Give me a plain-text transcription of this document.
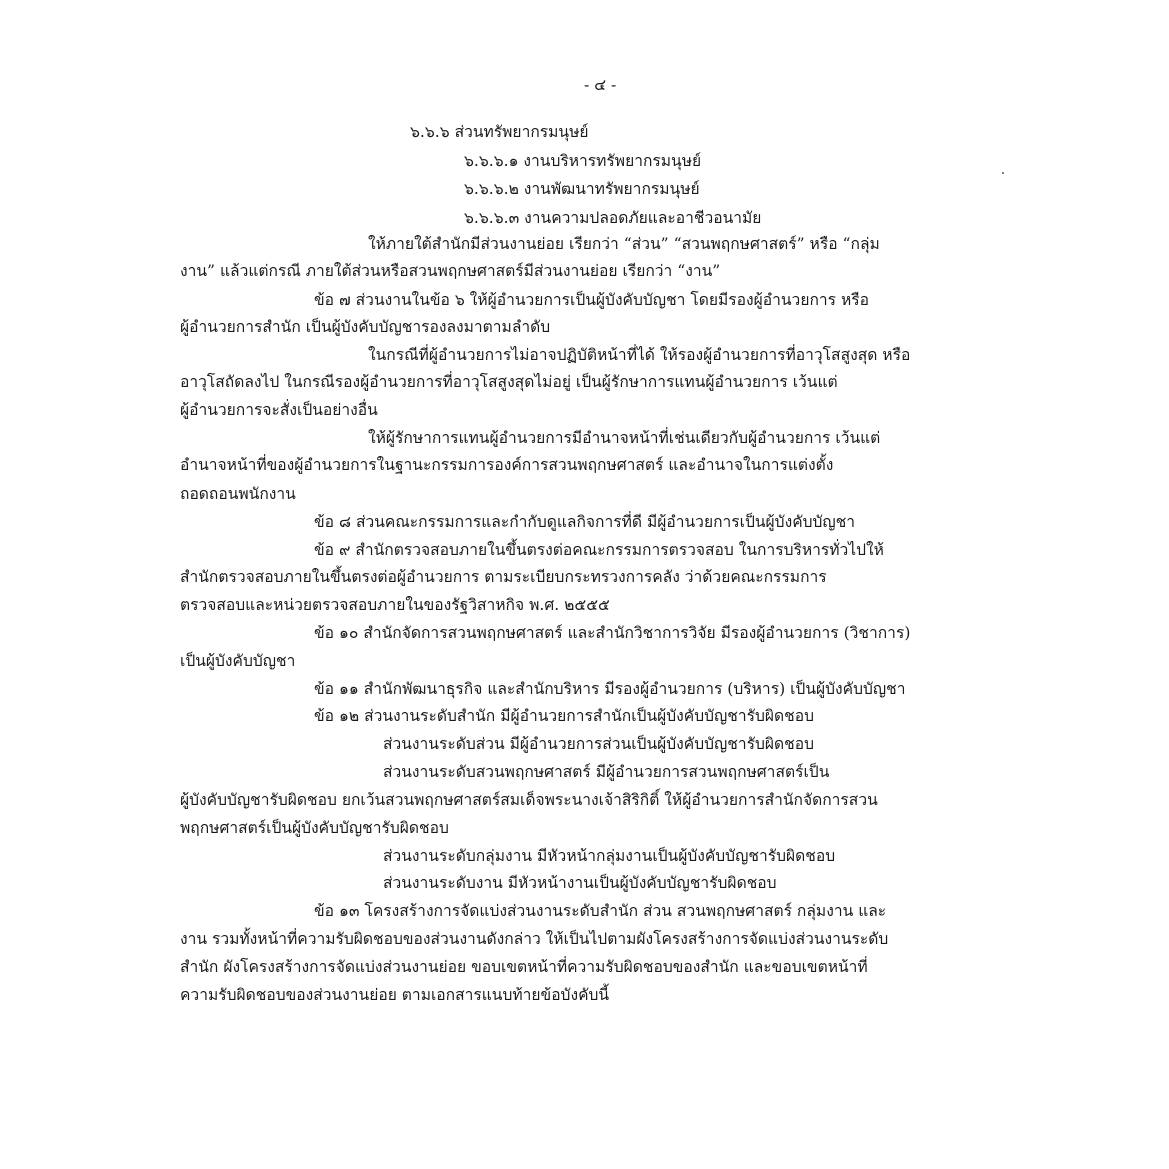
- ๔ -
๖.๖.๖ ส่วนทรัพยากรมนุษย์
๖.๖.๖.๑ งานบริหารทรัพยากรมนุษย์
๖.๖.๖.๒ งานพัฒนาทรัพยากรมนุษย์
๖.๖.๖.๓ งานความปลอดภัยและอาชีวอนามัย
ให้ภายใต้สำนักมีส่วนงานย่อย เรียกว่า “ส่วน” “สวนพฤกษศาสตร์” หรือ “กลุ่ม
งาน” แล้วแต่กรณี ภายใต้ส่วนหรือสวนพฤกษศาสตร์มีส่วนงานย่อย เรียกว่า “งาน”
ข้อ ๗ ส่วนงานในข้อ ๖ ให้ผู้อำนวยการเป็นผู้บังคับบัญชา โดยมีรองผู้อำนวยการ หรือ
ผู้อำนวยการสำนัก เป็นผู้บังคับบัญชารองลงมาตามลำดับ
ในกรณีที่ผู้อำนวยการไม่อาจปฏิบัติหน้าที่ได้ ให้รองผู้อำนวยการที่อาวุโสสูงสุด หรือ
อาวุโสถัดลงไป ในกรณีรองผู้อำนวยการที่อาวุโสสูงสุดไม่อยู่ เป็นผู้รักษาการแทนผู้อำนวยการ เว้นแต่
ผู้อำนวยการจะสั่งเป็นอย่างอื่น
ให้ผู้รักษาการแทนผู้อำนวยการมีอำนาจหน้าที่เช่นเดียวกับผู้อำนวยการ เว้นแต่
อำนาจหน้าที่ของผู้อำนวยการในฐานะกรรมการองค์การสวนพฤกษศาสตร์ และอำนาจในการแต่งตั้ง
ถอดถอนพนักงาน
ข้อ ๘ ส่วนคณะกรรมการและกำกับดูแลกิจการที่ดี มีผู้อำนวยการเป็นผู้บังคับบัญชา
ข้อ ๙ สำนักตรวจสอบภายในขึ้นตรงต่อคณะกรรมการตรวจสอบ ในการบริหารทั่วไปให้
สำนักตรวจสอบภายในขึ้นตรงต่อผู้อำนวยการ ตามระเบียบกระทรวงการคลัง ว่าด้วยคณะกรรมการ
ตรวจสอบและหน่วยตรวจสอบภายในของรัฐวิสาหกิจ พ.ศ. ๒๕๕๕
ข้อ ๑๐ สำนักจัดการสวนพฤกษศาสตร์ และสำนักวิชาการวิจัย มีรองผู้อำนวยการ (วิชาการ)
เป็นผู้บังคับบัญชา
ข้อ ๑๑ สำนักพัฒนาธุรกิจ และสำนักบริหาร มีรองผู้อำนวยการ (บริหาร) เป็นผู้บังคับบัญชา
ข้อ ๑๒ ส่วนงานระดับสำนัก มีผู้อำนวยการสำนักเป็นผู้บังคับบัญชารับผิดชอบ
ส่วนงานระดับส่วน มีผู้อำนวยการส่วนเป็นผู้บังคับบัญชารับผิดชอบ
ส่วนงานระดับสวนพฤกษศาสตร์ มีผู้อำนวยการสวนพฤกษศาสตร์เป็น
ผู้บังคับบัญชารับผิดชอบ ยกเว้นสวนพฤกษศาสตร์สมเด็จพระนางเจ้าสิริกิติ์ ให้ผู้อำนวยการสำนักจัดการสวน
พฤกษศาสตร์เป็นผู้บังคับบัญชารับผิดชอบ
ส่วนงานระดับกลุ่มงาน มีหัวหน้ากลุ่มงานเป็นผู้บังคับบัญชารับผิดชอบ
ส่วนงานระดับงาน มีหัวหน้างานเป็นผู้บังคับบัญชารับผิดชอบ
ข้อ ๑๓ โครงสร้างการจัดแบ่งส่วนงานระดับสำนัก ส่วน สวนพฤกษศาสตร์ กลุ่มงาน และ
งาน รวมทั้งหน้าที่ความรับผิดชอบของส่วนงานดังกล่าว ให้เป็นไปตามผังโครงสร้างการจัดแบ่งส่วนงานระดับ
สำนัก ผังโครงสร้างการจัดแบ่งส่วนงานย่อย ขอบเขตหน้าที่ความรับผิดชอบของสำนัก และขอบเขตหน้าที่
ความรับผิดชอบของส่วนงานย่อย ตามเอกสารแนบท้ายข้อบังคับนี้
